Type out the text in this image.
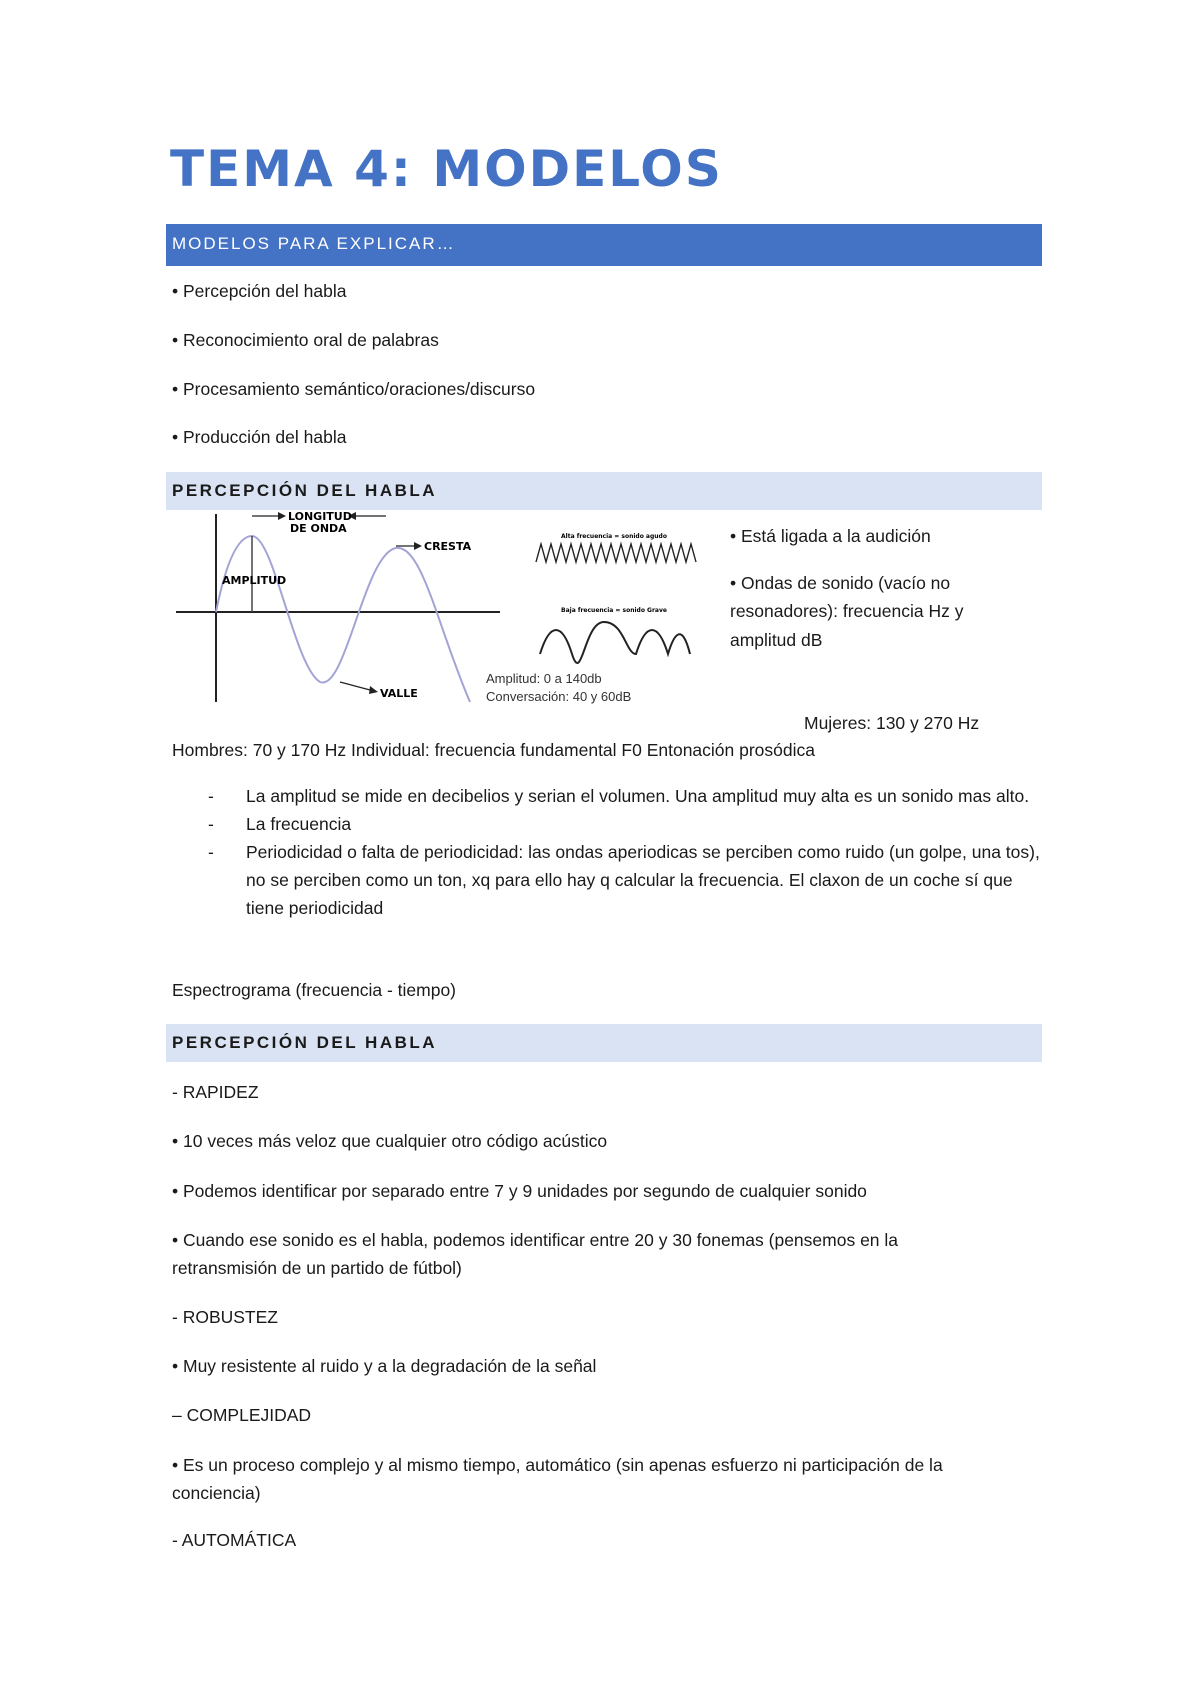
TEMA 4: MODELOS
MODELOS PARA EXPLICAR…
• Percepción del habla
• Reconocimiento oral de palabras
• Procesamiento semántico/oraciones/discurso
• Producción del habla
PERCEPCIÓN DEL HABLA
LONGITUD
DE ONDA
CRESTA
AMPLITUD
VALLE
Alta frecuencia = sonido agudo
Baja frecuencia = sonido Grave
Amplitud: 0 a 140db
Conversación: 40 y 60dB

• Está ligada a la audición

• Ondas de sonido (vacío no resonadores): frecuencia Hz y amplitud dB

Mujeres: 130 y 270 Hz
Hombres: 70 y 170 Hz Individual: frecuencia fundamental F0 Entonación prosódica
- La amplitud se mide en decibelios y serian el volumen. Una amplitud muy alta es un sonido mas alto.
- La frecuencia
- Periodicidad o falta de periodicidad: las ondas aperiodicas se perciben como ruido (un golpe, una tos), no se perciben como un ton, xq para ello hay q calcular la frecuencia. El claxon de un coche sí que tiene periodicidad
Espectrograma (frecuencia - tiempo)
PERCEPCIÓN DEL HABLA
- RAPIDEZ
• 10 veces más veloz que cualquier otro código acústico
• Podemos identificar por separado entre 7 y 9 unidades por segundo de cualquier sonido
• Cuando ese sonido es el habla, podemos identificar entre 20 y 30 fonemas (pensemos en la retransmisión de un partido de fútbol)
- ROBUSTEZ
• Muy resistente al ruido y a la degradación de la señal
– COMPLEJIDAD
• Es un proceso complejo y al mismo tiempo, automático (sin apenas esfuerzo ni participación de la conciencia)
- AUTOMÁTICA
